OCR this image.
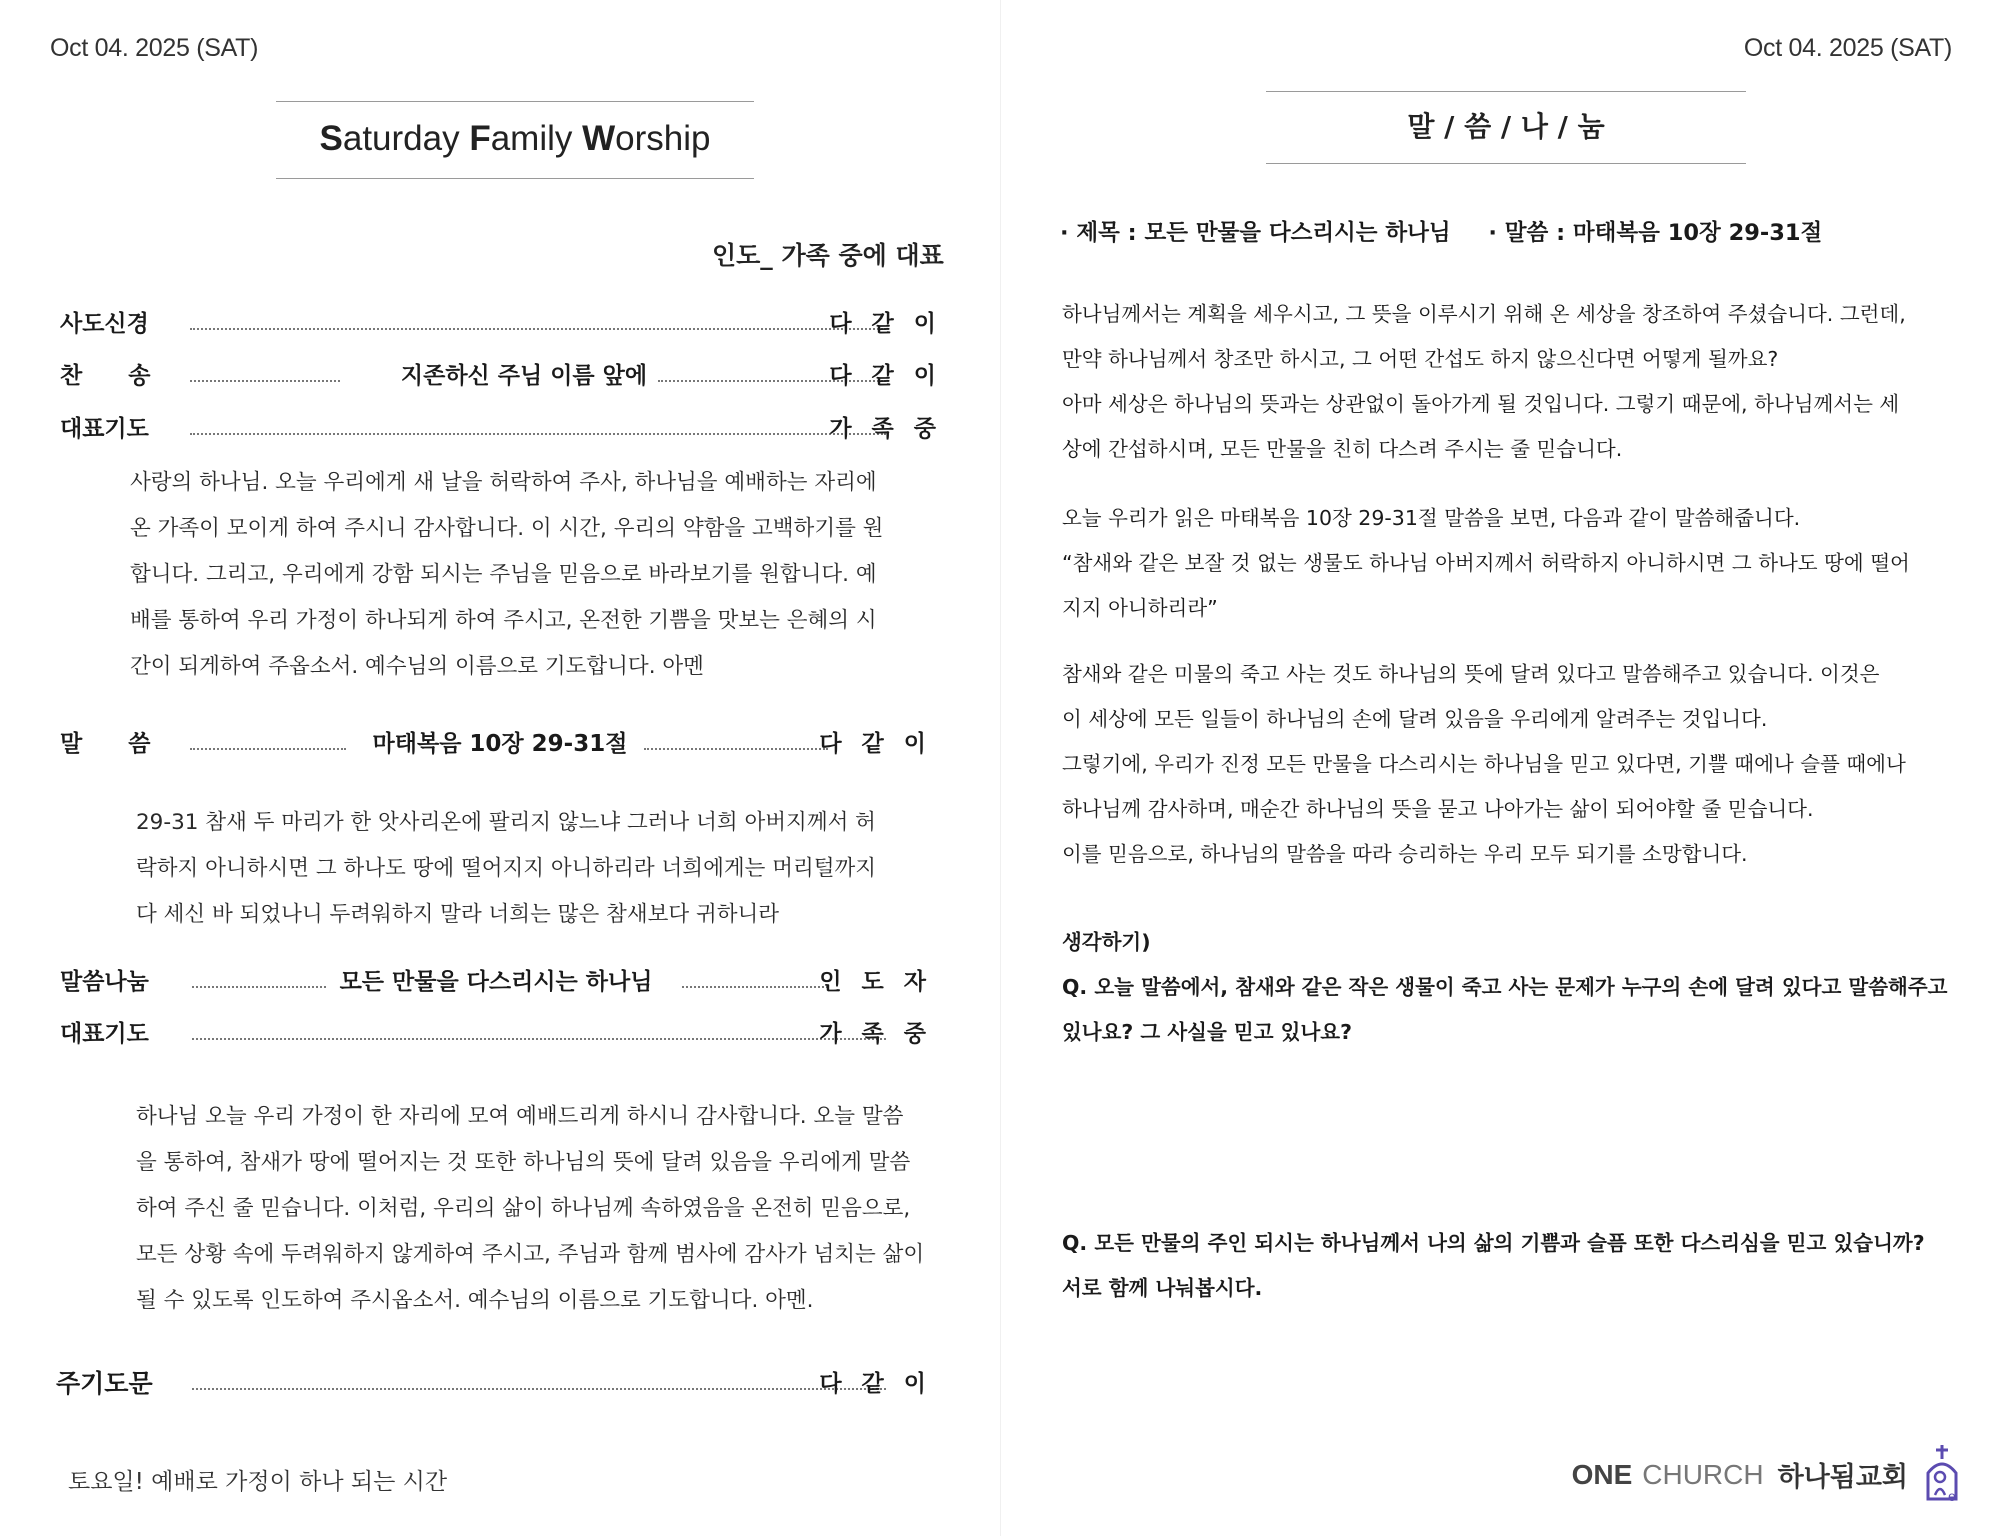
Oct 04. 2025 (SAT)
Saturday Family Worship
인도_ 가족 중에 대표
사도신경	다 같 이
찬　　송	지존하신 주님 이름 앞에	다 같 이
대표기도	가 족 중

사랑의 하나님. 오늘 우리에게 새 날을 허락하여 주사, 하나님을 예배하는 자리에

온 가족이 모이게 하여 주시니 감사합니다. 이 시간, 우리의 약함을 고백하기를 원

합니다. 그리고, 우리에게 강함 되시는 주님을 믿음으로 바라보기를 원합니다. 예

배를 통하여 우리 가정이 하나되게 하여 주시고, 온전한 기쁨을 맛보는 은혜의 시

간이 되게하여 주옵소서. 예수님의 이름으로 기도합니다. 아멘

말　　씀	마태복음 10장 29-31절	다 같 이

29-31 참새 두 마리가 한 앗사리온에 팔리지 않느냐 그러나 너희 아버지께서 허

락하지 아니하시면 그 하나도 땅에 떨어지지 아니하리라 너희에게는 머리털까지

다 세신 바 되었나니 두려워하지 말라 너희는 많은 참새보다 귀하니라

말씀나눔	모든 만물을 다스리시는 하나님	인 도 자
대표기도	가 족 중

하나님 오늘 우리 가정이 한 자리에 모여 예배드리게 하시니 감사합니다. 오늘 말씀

을 통하여, 참새가 땅에 떨어지는 것 또한 하나님의 뜻에 달려 있음을 우리에게 말씀

하여 주신 줄 믿습니다. 이처럼, 우리의 삶이 하나님께 속하였음을 온전히 믿음으로,

모든 상황 속에 두려워하지 않게하여 주시고, 주님과 함께 범사에 감사가 넘치는 삶이

될 수 있도록 인도하여 주시옵소서. 예수님의 이름으로 기도합니다. 아멘.

주기도문	다 같 이
토요일! 예배로 가정이 하나 되는 시간
Oct 04. 2025 (SAT)
말 / 씀 / 나 / 눔
· 제목 : 모든 만물을 다스리시는 하나님 · 말씀 : 마태복음 10장 29-31절

하나님께서는 계획을 세우시고, 그 뜻을 이루시기 위해 온 세상을 창조하여 주셨습니다. 그런데,

만약 하나님께서 창조만 하시고, 그 어떤 간섭도 하지 않으신다면 어떻게 될까요?

아마 세상은 하나님의 뜻과는 상관없이 돌아가게 될 것입니다. 그렇기 때문에, 하나님께서는 세

상에 간섭하시며, 모든 만물을 친히 다스려 주시는 줄 믿습니다.

오늘 우리가 읽은 마태복음 10장 29-31절 말씀을 보면, 다음과 같이 말씀해줍니다.

“참새와 같은 보잘 것 없는 생물도 하나님 아버지께서 허락하지 아니하시면 그 하나도 땅에 떨어

지지 아니하리라”

참새와 같은 미물의 죽고 사는 것도 하나님의 뜻에 달려 있다고 말씀해주고 있습니다. 이것은

이 세상에 모든 일들이 하나님의 손에 달려 있음을 우리에게 알려주는 것입니다.

그렇기에, 우리가 진정 모든 만물을 다스리시는 하나님을 믿고 있다면, 기쁠 때에나 슬플 때에나

하나님께 감사하며, 매순간 하나님의 뜻을 묻고 나아가는 삶이 되어야할 줄 믿습니다.

이를 믿음으로, 하나님의 말씀을 따라 승리하는 우리 모두 되기를 소망합니다.

생각하기)

Q. 오늘 말씀에서, 참새와 같은 작은 생물이 죽고 사는 문제가 누구의 손에 달려 있다고 말씀해주고

있나요? 그 사실을 믿고 있나요?

Q. 모든 만물의 주인 되시는 하나님께서 나의 삶의 기쁨과 슬픔 또한 다스리심을 믿고 있습니까?

서로 함께 나눠봅시다.

ONE CHURCH 하나됨교회
e
